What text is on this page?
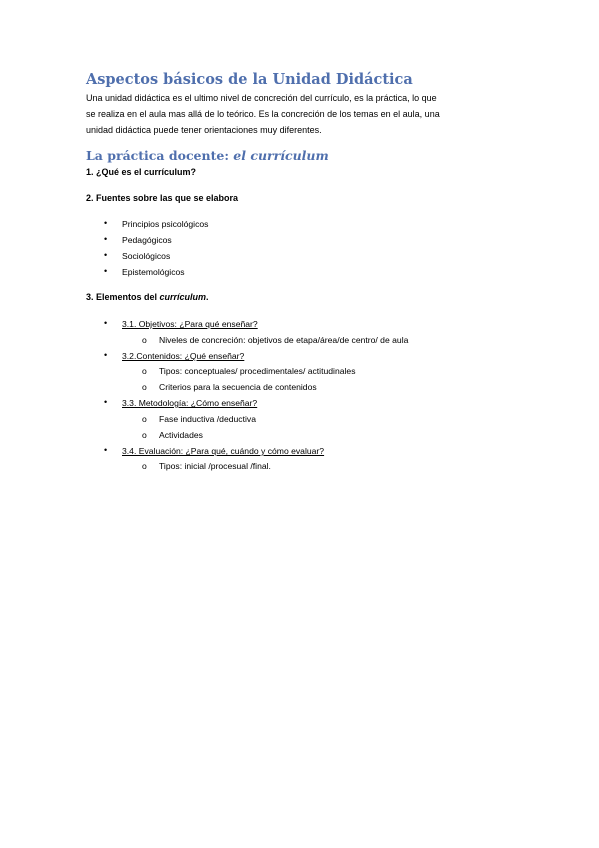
Aspectos básicos de la Unidad Didáctica
Una unidad didáctica es el ultimo nivel de concreción del currículo, es la práctica, lo que
se realiza en el aula mas allá de lo teórico. Es la concreción de los temas en el aula, una
unidad didáctica puede tener orientaciones muy diferentes.
La práctica docente: el currículum
1. ¿Qué es el currículum?
2. Fuentes sobre las que se elabora
• Principios psicológicos
• Pedagógicos
• Sociológicos
• Epistemológicos
3. Elementos del currículum.
• 3.1. Objetivos: ¿Para qué enseñar?
o Niveles de concreción: objetivos de etapa/área/de centro/ de aula
• 3.2.Contenidos: ¿Qué enseñar?
o Tipos: conceptuales/ procedimentales/ actitudinales
o Criterios para la secuencia de contenidos
• 3.3. Metodología: ¿Cómo enseñar?
o Fase inductiva /deductiva
o Actividades
• 3.4. Evaluación: ¿Para qué, cuándo y cómo evaluar?
o Tipos: inicial /procesual /final.
